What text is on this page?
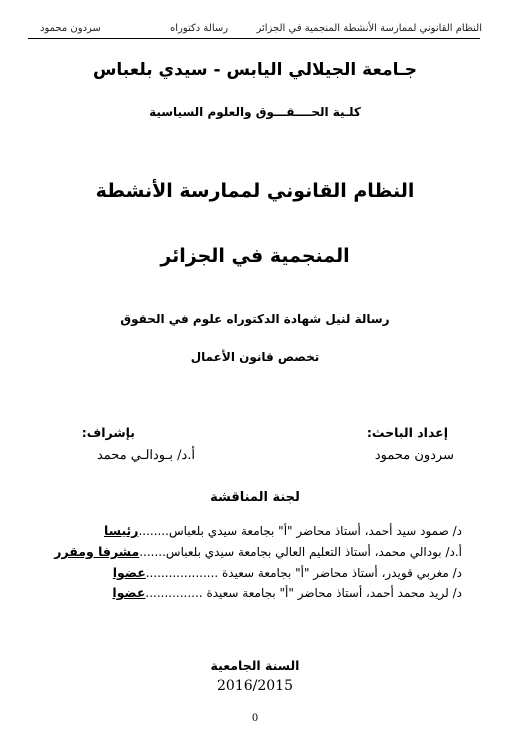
سردون محمود	رسالة دكتوراه	النظام القانوني لممارسة الأنشطة المنجمية في الجزائر
جـامعة الجيلالي اليابس - سيدي بلعباس
كلـية الحــــقـــوق والعلوم السياسية
النظام القانوني لممارسة الأنشطة
المنجمية في الجزائر
رسالة لنيل شهادة الدكتوراه علوم في الحقوق
تخصص قانون الأعمال
إعداد الباحث:
سردون محمود
بإشراف:
أ.د/ بـودالـي محمد
لجنة المناقشة
د/ صمود سيد أحمد، أستاذ محاضر "أ" بجامعة سيدي بلعباس........رئيسا
أ.د/ بودالي محمد، أستاذ التعليم العالي بجامعة سيدي بلعباس.......مشرفا ومقرر
د/ مغربي قويدر، أستاذ محاضر "أ" بجامعة سعيدة ...................عضوا
د/ لريد محمد أحمد، أستاذ محاضر "أ" بجامعة سعيدة ...............عضوا
السنة الجامعية
2016/2015
0
